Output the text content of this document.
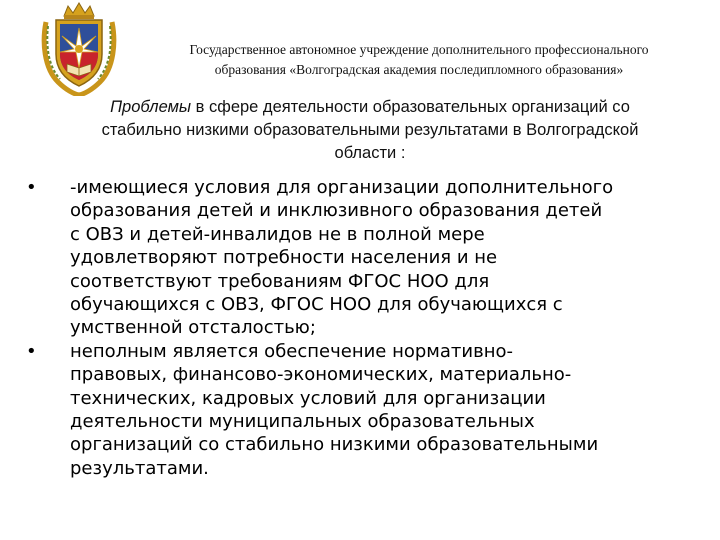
Государственное автономное учреждение дополнительного профессионального
образования «Волгоградская академия последипломного образования»
Проблемы в сфере деятельности образовательных организаций со
стабильно низкими образовательными результатами в Волгоградской
области :
•	-имеющиеся условия для организации дополнительного
образования детей и инклюзивного образования детей
с ОВЗ и детей-инвалидов не в полной мере
удовлетворяют потребности населения и не
соответствуют требованиям ФГОС НОО для
обучающихся с ОВЗ, ФГОС НОО для обучающихся с
умственной отсталостью;
•	неполным является обеспечение нормативно-
правовых, финансово-экономических, материально-
технических, кадровых условий для организации
деятельности муниципальных образовательных
организаций со стабильно низкими образовательными
результатами.
